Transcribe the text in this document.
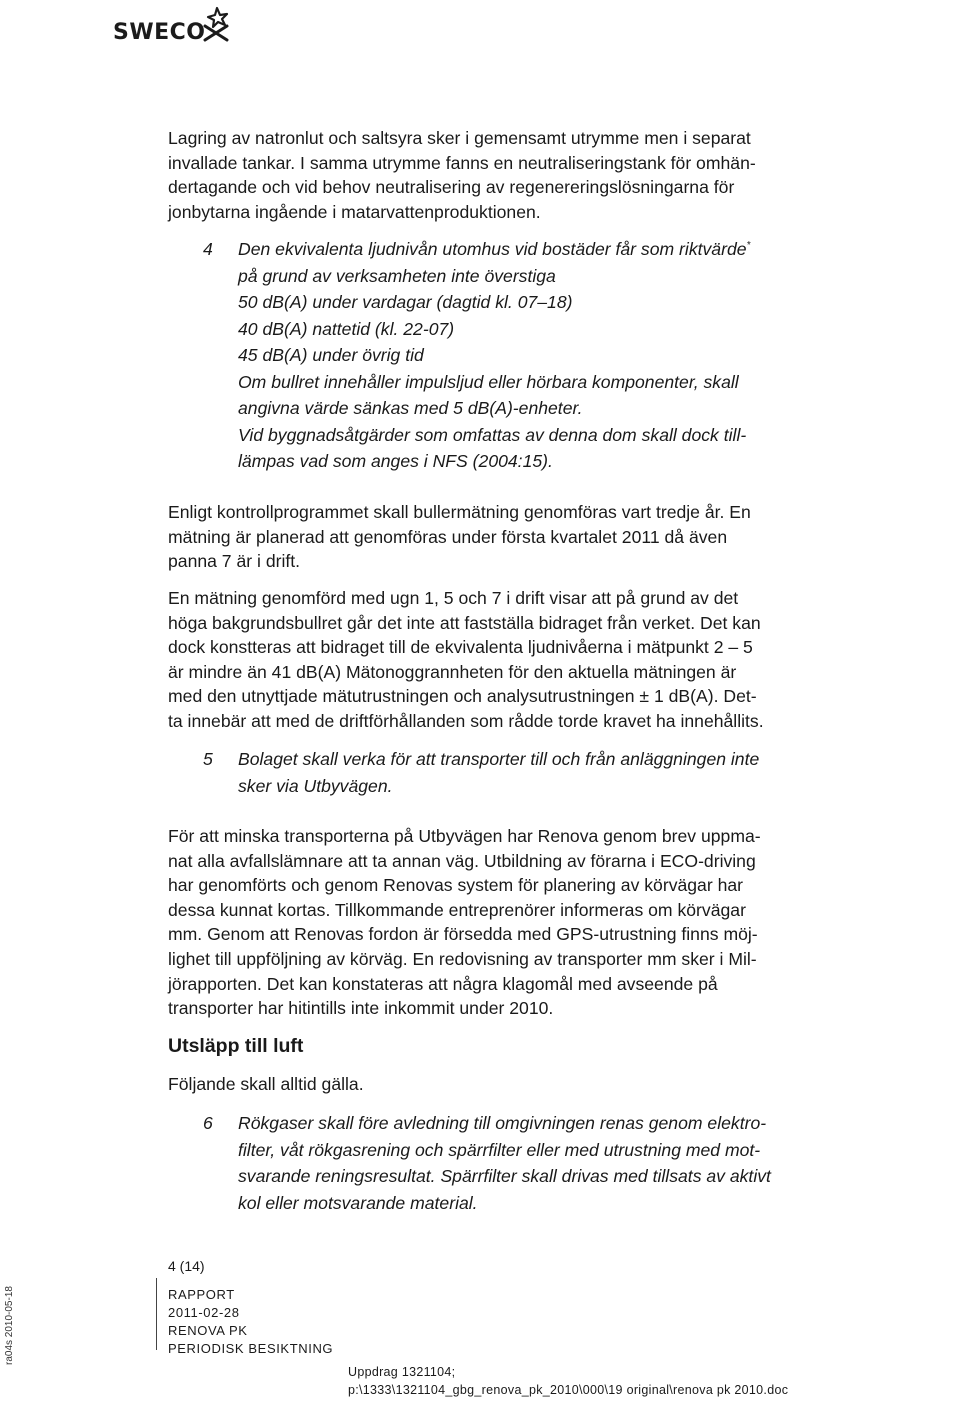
SWECO
Lagring av natronlut och saltsyra sker i gemensamt utrymme men i separat
invallade tankar. I samma utrymme fanns en neutraliseringstank för omhän-
dertagande och vid behov neutralisering av regenereringslösningarna för
jonbytarna ingående i matarvattenproduktionen.
4 Den ekvivalenta ljudnivån utomhus vid bostäder får som riktvärde*
på grund av verksamheten inte överstiga
50 dB(A) under vardagar (dagtid kl. 07–18)
40 dB(A) nattetid (kl. 22-07)
45 dB(A) under övrig tid
Om bullret innehåller impulsljud eller hörbara komponenter, skall
angivna värde sänkas med 5 dB(A)-enheter.
Vid byggnadsåtgärder som omfattas av denna dom skall dock till-
lämpas vad som anges i NFS (2004:15).
Enligt kontrollprogrammet skall bullermätning genomföras vart tredje år. En
mätning är planerad att genomföras under första kvartalet 2011 då även
panna 7 är i drift.
En mätning genomförd med ugn 1, 5 och 7 i drift visar att på grund av det
höga bakgrundsbullret går det inte att fastställa bidraget från verket. Det kan
dock konstteras att bidraget till de ekvivalenta ljudnivåerna i mätpunkt 2 – 5
är mindre än 41 dB(A) Mätonoggrannheten för den aktuella mätningen är
med den utnyttjade mätutrustningen och analysutrustningen ± 1 dB(A). Det-
ta innebär att med de driftförhållanden som rådde torde kravet ha innehållits.
5 Bolaget skall verka för att transporter till och från anläggningen inte
sker via Utbyvägen.
För att minska transporterna på Utbyvägen har Renova genom brev uppma-
nat alla avfallslämnare att ta annan väg. Utbildning av förarna i ECO-driving
har genomförts och genom Renovas system för planering av körvägar har
dessa kunnat kortas. Tillkommande entreprenörer informeras om körvägar
mm. Genom att Renovas fordon är försedda med GPS-utrustning finns möj-
lighet till uppföljning av körväg. En redovisning av transporter mm sker i Mil-
jörapporten. Det kan konstateras att några klagomål med avseende på
transporter har hitintills inte inkommit under 2010.
Utsläpp till luft
Följande skall alltid gälla.
6 Rökgaser skall före avledning till omgivningen renas genom elektro-
filter, våt rökgasrening och spärrfilter eller med utrustning med mot-
svarande reningsresultat. Spärrfilter skall drivas med tillsats av aktivt
kol eller motsvarande material.
4 (14)
RAPPORT
2011-02-28
RENOVA PK
PERIODISK BESIKTNING
Uppdrag 1321104;
p:\1333\1321104_gbg_renova_pk_2010\000\19 original\renova pk 2010.doc
ra04s 2010-05-18
